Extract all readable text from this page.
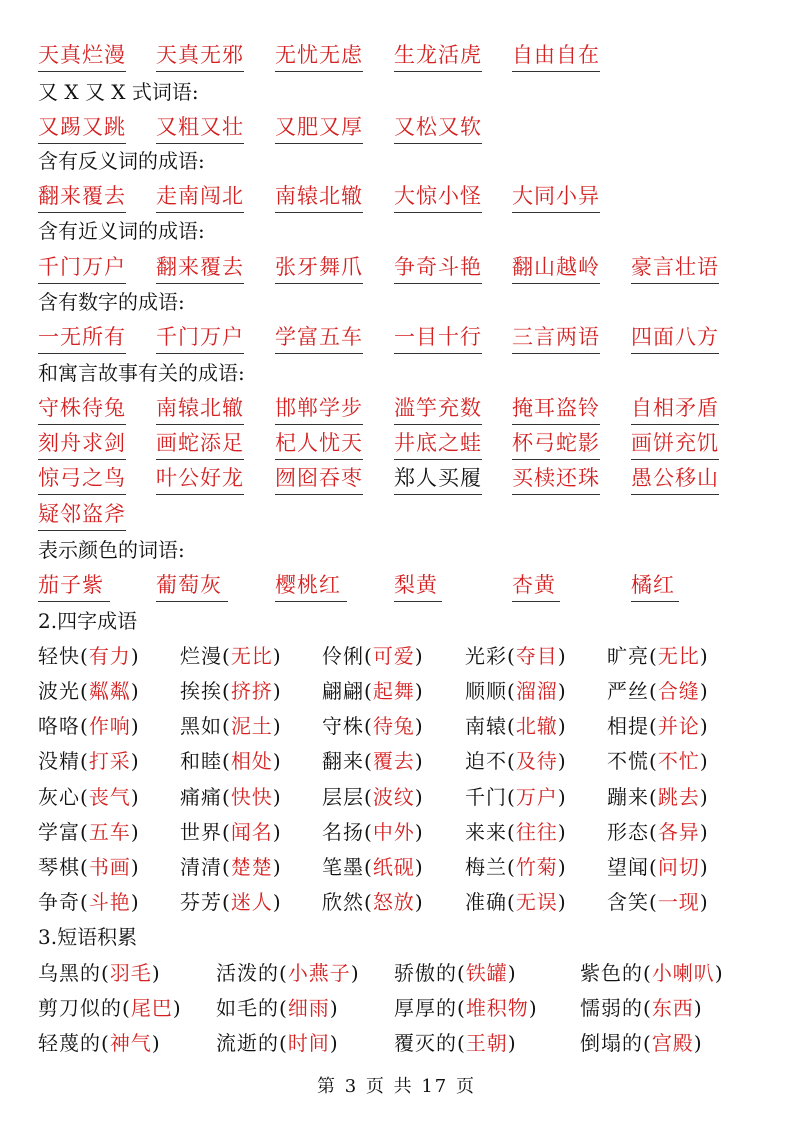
天真烂漫 天真无邪 无忧无虑 生龙活虎 自由自在
又 X 又 X 式词语:
又踢又跳 又粗又壮 又肥又厚 又松又软
含有反义词的成语:
翻来覆去 走南闯北 南辕北辙 大惊小怪 大同小异
含有近义词的成语:
千门万户 翻来覆去 张牙舞爪 争奇斗艳 翻山越岭 豪言壮语
含有数字的成语:
一无所有 千门万户 学富五车 一目十行 三言两语 四面八方
和寓言故事有关的成语:
守株待兔 南辕北辙 邯郸学步 滥竽充数 掩耳盗铃 自相矛盾
刻舟求剑 画蛇添足 杞人忧天 井底之蛙 杯弓蛇影 画饼充饥
惊弓之鸟 叶公好龙 囫囵吞枣 郑人买履 买椟还珠 愚公移山
疑邻盗斧
表示颜色的词语:
茄子紫 葡萄灰	樱桃红	梨黄	杏黄	橘红
2.四字成语
轻快(有力) 烂漫(无比) 伶俐(可爱) 光彩(夺目) 旷亮(无比)
波光(粼粼) 挨挨(挤挤) 翩翩(起舞) 顺顺(溜溜) 严丝(合缝)
咯咯(作响) 黑如(泥土) 守株(待兔) 南辕(北辙) 相提(并论)
没精(打采) 和睦(相处) 翻来(覆去) 迫不(及待) 不慌(不忙)
灰心(丧气) 痛痛(快快) 层层(波纹) 千门(万户) 蹦来(跳去)
学富(五车) 世界(闻名) 名扬(中外) 来来(往往) 形态(各异)
琴棋(书画) 清清(楚楚) 笔墨(纸砚) 梅兰(竹菊) 望闻(问切)
争奇(斗艳) 芬芳(迷人) 欣然(怒放) 准确(无误) 含笑(一现)
3.短语积累
乌黑的(羽毛)	活泼的(小燕子) 骄傲的(铁罐)	紫色的(小喇叭)
剪刀似的(尾巴) 如毛的(细雨)	厚厚的(堆积物) 懦弱的(东西)
轻蔑的(神气)	流逝的(时间)	覆灭的(王朝)	倒塌的(宫殿)
第 3 页 共 17 页
